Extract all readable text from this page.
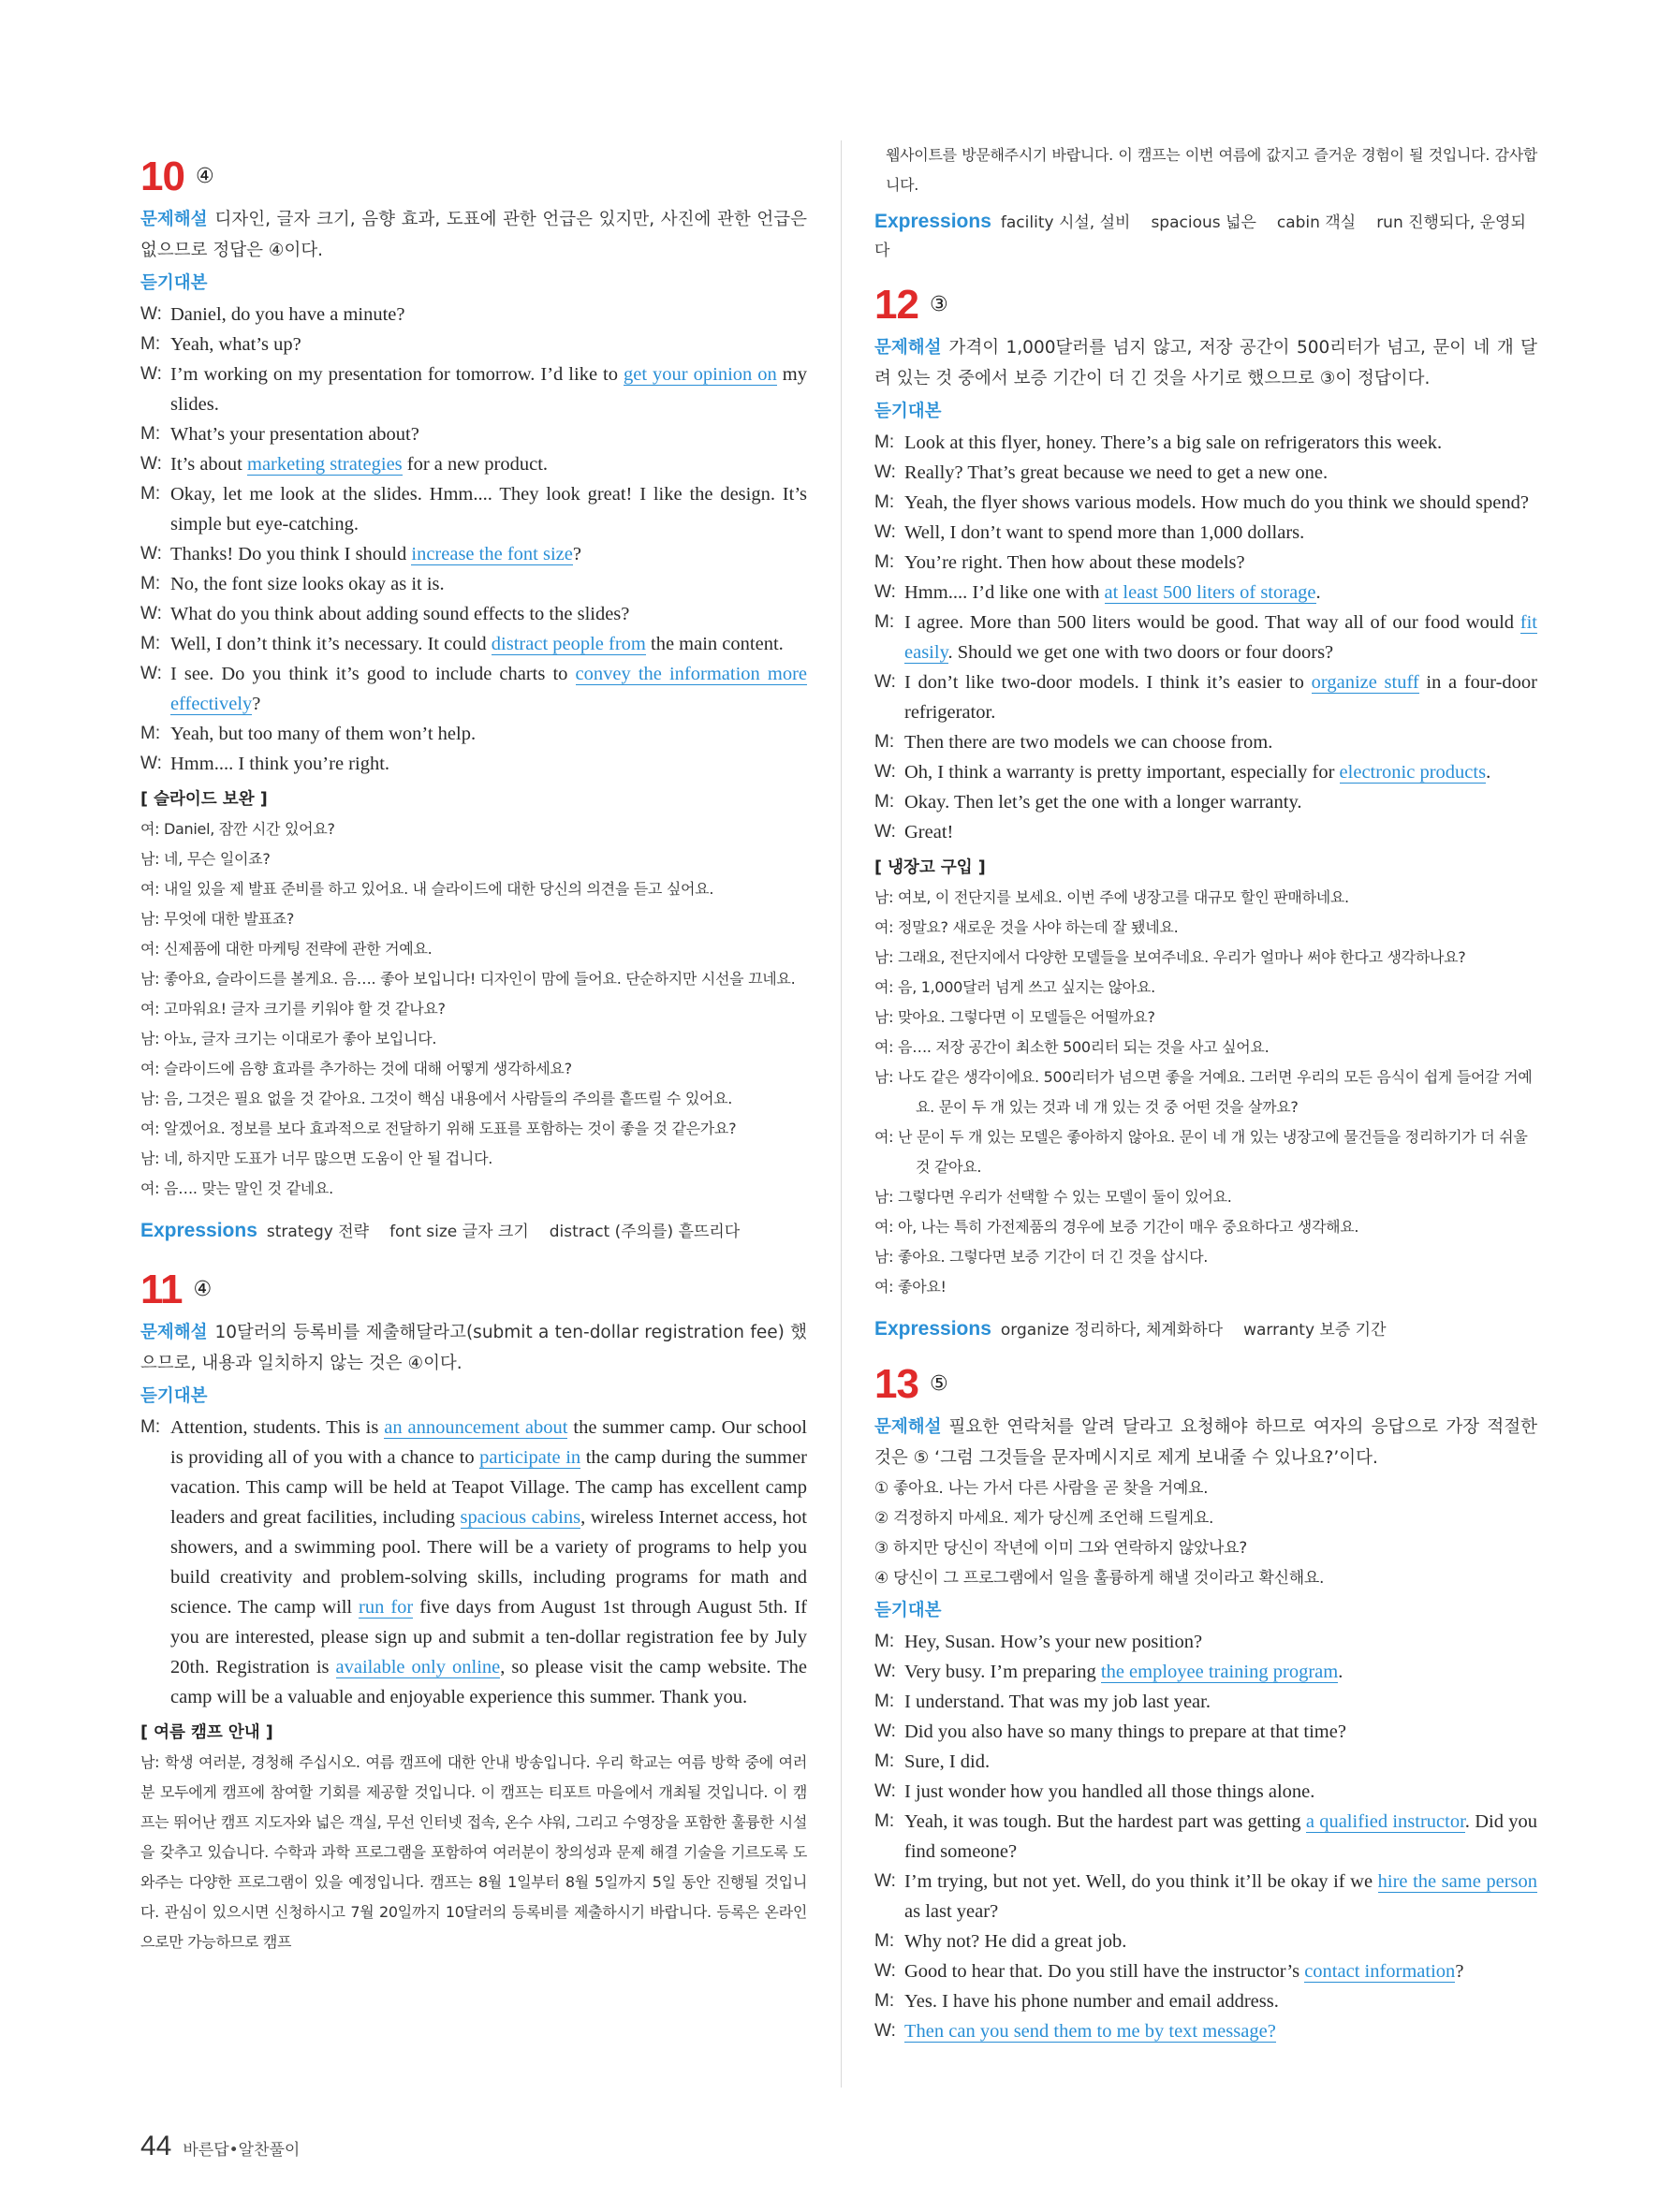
10 ④
문제해설 디자인, 글자 크기, 음향 효과, 도표에 관한 언급은 있지만, 사진에 관한 언급은 없으므로 정답은 ④이다.
듣기대본
W: Daniel, do you have a minute?
M: Yeah, what’s up?
W: I’m working on my presentation for tomorrow. I’d like to get your opinion on my slides.
M: What’s your presentation about?
W: It’s about marketing strategies for a new product.
M: Okay, let me look at the slides. Hmm.... They look great! I like the design. It’s simple but eye-catching.
W: Thanks! Do you think I should increase the font size?
M: No, the font size looks okay as it is.
W: What do you think about adding sound effects to the slides?
M: Well, I don’t think it’s necessary. It could distract people from the main content.
W: I see. Do you think it’s good to include charts to convey the information more effectively?
M: Yeah, but too many of them won’t help.
W: Hmm.... I think you’re right.
[ 슬라이드 보완 ]
여: Daniel, 잠깐 시간 있어요?
남: 네, 무슨 일이죠?
여: 내일 있을 제 발표 준비를 하고 있어요. 내 슬라이드에 대한 당신의 의견을 듣고 싶어요.
남: 무엇에 대한 발표죠?
여: 신제품에 대한 마케팅 전략에 관한 거예요.
남: 좋아요, 슬라이드를 볼게요. 음…. 좋아 보입니다! 디자인이 맘에 들어요. 단순하지만 시선을 끄네요.
여: 고마워요! 글자 크기를 키워야 할 것 같나요?
남: 아뇨, 글자 크기는 이대로가 좋아 보입니다.
여: 슬라이드에 음향 효과를 추가하는 것에 대해 어떻게 생각하세요?
남: 음, 그것은 필요 없을 것 같아요. 그것이 핵심 내용에서 사람들의 주의를 흩뜨릴 수 있어요.
여: 알겠어요. 정보를 보다 효과적으로 전달하기 위해 도표를 포함하는 것이 좋을 것 같은가요?
남: 네, 하지만 도표가 너무 많으면 도움이 안 될 겁니다.
여: 음…. 맞는 말인 것 같네요.
Expressions strategy 전략 font size 글자 크기 distract (주의를) 흩뜨리다
11 ④
문제해설 10달러의 등록비를 제출해달라고(submit a ten-dollar registration fee) 했으므로, 내용과 일치하지 않는 것은 ④이다.
듣기대본
M: Attention, students. This is an announcement about the summer camp. Our school is providing all of you with a chance to participate in the camp during the summer vacation. This camp will be held at Teapot Village. The camp has excellent camp leaders and great facilities, including spacious cabins, wireless Internet access, hot showers, and a swimming pool. There will be a variety of programs to help you build creativity and problem-solving skills, including programs for math and science. The camp will run for five days from August 1st through August 5th. If you are interested, please sign up and submit a ten-dollar registration fee by July 20th. Registration is available only online, so please visit the camp website. The camp will be a valuable and enjoyable experience this summer. Thank you.
[ 여름 캠프 안내 ]
남: 학생 여러분, 경청해 주십시오. 여름 캠프에 대한 안내 방송입니다. 우리 학교는 여름 방학 중에 여러분 모두에게 캠프에 참여할 기회를 제공할 것입니다. 이 캠프는 티포트 마을에서 개최될 것입니다. 이 캠프는 뛰어난 캠프 지도자와 넓은 객실, 무선 인터넷 접속, 온수 샤워, 그리고 수영장을 포함한 훌륭한 시설을 갖추고 있습니다. 수학과 과학 프로그램을 포함하여 여러분이 창의성과 문제 해결 기술을 기르도록 도와주는 다양한 프로그램이 있을 예정입니다. 캠프는 8월 1일부터 8월 5일까지 5일 동안 진행될 것입니다. 관심이 있으시면 신청하시고 7월 20일까지 10달러의 등록비를 제출하시기 바랍니다. 등록은 온라인으로만 가능하므로 캠프
웹사이트를 방문해주시기 바랍니다. 이 캠프는 이번 여름에 값지고 즐거운 경험이 될 것입니다. 감사합니다.
Expressions facility 시설, 설비 spacious 넓은 cabin 객실 run 진행되다, 운영되다
12 ③
문제해설 가격이 1,000달러를 넘지 않고, 저장 공간이 500리터가 넘고, 문이 네 개 달려 있는 것 중에서 보증 기간이 더 긴 것을 사기로 했으므로 ③이 정답이다.
듣기대본
M: Look at this flyer, honey. There’s a big sale on refrigerators this week.
W: Really? That’s great because we need to get a new one.
M: Yeah, the flyer shows various models. How much do you think we should spend?
W: Well, I don’t want to spend more than 1,000 dollars.
M: You’re right. Then how about these models?
W: Hmm.... I’d like one with at least 500 liters of storage.
M: I agree. More than 500 liters would be good. That way all of our food would fit easily. Should we get one with two doors or four doors?
W: I don’t like two-door models. I think it’s easier to organize stuff in a four-door refrigerator.
M: Then there are two models we can choose from.
W: Oh, I think a warranty is pretty important, especially for electronic products.
M: Okay. Then let’s get the one with a longer warranty.
W: Great!
[ 냉장고 구입 ]
남: 여보, 이 전단지를 보세요. 이번 주에 냉장고를 대규모 할인 판매하네요.
여: 정말요? 새로운 것을 사야 하는데 잘 됐네요.
남: 그래요, 전단지에서 다양한 모델들을 보여주네요. 우리가 얼마나 써야 한다고 생각하나요?
여: 음, 1,000달러 넘게 쓰고 싶지는 않아요.
남: 맞아요. 그렇다면 이 모델들은 어떨까요?
여: 음…. 저장 공간이 최소한 500리터 되는 것을 사고 싶어요.
남: 나도 같은 생각이에요. 500리터가 넘으면 좋을 거예요. 그러면 우리의 모든 음식이 쉽게 들어갈 거예요. 문이 두 개 있는 것과 네 개 있는 것 중 어떤 것을 살까요?
여: 난 문이 두 개 있는 모델은 좋아하지 않아요. 문이 네 개 있는 냉장고에 물건들을 정리하기가 더 쉬울 것 같아요.
남: 그렇다면 우리가 선택할 수 있는 모델이 둘이 있어요.
여: 아, 나는 특히 가전제품의 경우에 보증 기간이 매우 중요하다고 생각해요.
남: 좋아요. 그렇다면 보증 기간이 더 긴 것을 삽시다.
여: 좋아요!
Expressions organize 정리하다, 체계화하다 warranty 보증 기간
13 ⑤
문제해설 필요한 연락처를 알려 달라고 요청해야 하므로 여자의 응답으로 가장 적절한 것은 ⑤ ‘그럼 그것들을 문자메시지로 제게 보내줄 수 있나요?’이다.
① 좋아요. 나는 가서 다른 사람을 곧 찾을 거예요.
② 걱정하지 마세요. 제가 당신께 조언해 드릴게요.
③ 하지만 당신이 작년에 이미 그와 연락하지 않았나요?
④ 당신이 그 프로그램에서 일을 훌륭하게 해낼 것이라고 확신해요.
듣기대본
M: Hey, Susan. How’s your new position?
W: Very busy. I’m preparing the employee training program.
M: I understand. That was my job last year.
W: Did you also have so many things to prepare at that time?
M: Sure, I did.
W: I just wonder how you handled all those things alone.
M: Yeah, it was tough. But the hardest part was getting a qualified instructor. Did you find someone?
W: I’m trying, but not yet. Well, do you think it’ll be okay if we hire the same person as last year?
M: Why not? He did a great job.
W: Good to hear that. Do you still have the instructor’s contact information?
M: Yes. I have his phone number and email address.
W: Then can you send them to me by text message?
44 바른답•알찬풀이
